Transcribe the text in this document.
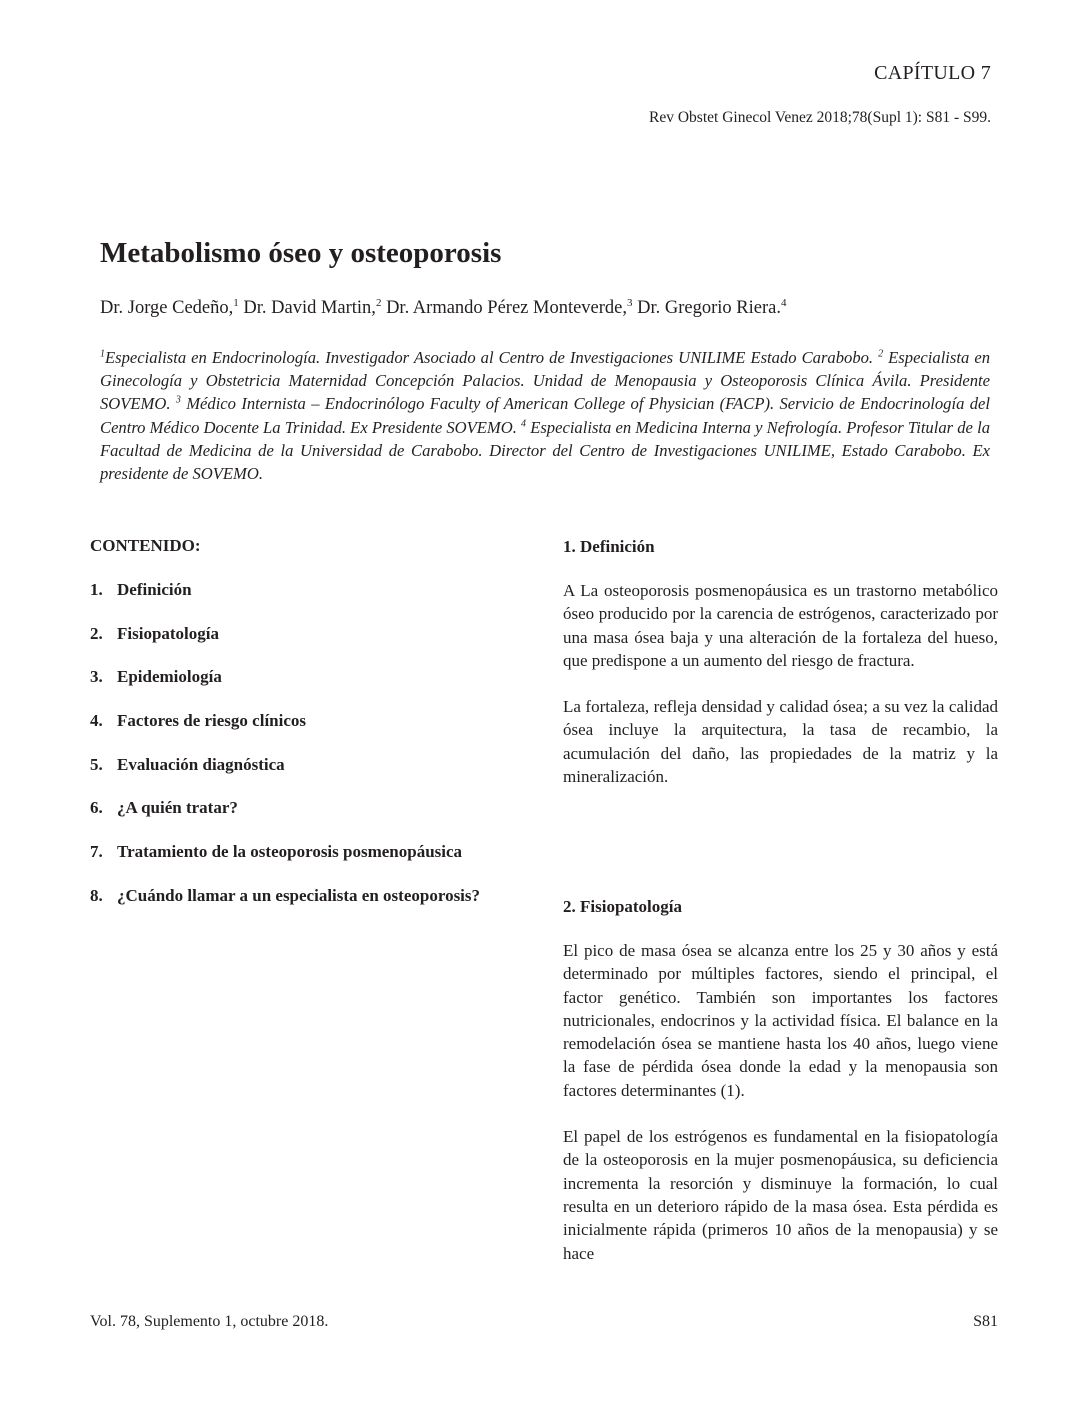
CAPÍTULO 7
Rev Obstet Ginecol Venez 2018;78(Supl 1): S81 - S99.
Metabolismo óseo y osteoporosis
Dr. Jorge Cedeño,$^1$ Dr. David Martin,$^2$ Dr. Armando Pérez Monteverde,$^3$ Dr. Gregorio Riera.$^4$
$^1$Especialista en Endocrinología. Investigador Asociado al Centro de Investigaciones UNILIME Estado Carabobo. $^2$ Especialista en Ginecología y Obstetricia Maternidad Concepción Palacios. Unidad de Menopausia y Osteoporosis Clínica Ávila. Presidente SOVEMO. $^3$ Médico Internista – Endocrinólogo Faculty of American College of Physician (FACP). Servicio de Endocrinología del Centro Médico Docente La Trinidad. Ex Presidente SOVEMO. $^4$ Especialista en Medicina Interna y Nefrología. Profesor Titular de la Facultad de Medicina de la Universidad de Carabobo. Director del Centro de Investigaciones UNILIME, Estado Carabobo. Ex presidente de SOVEMO.
CONTENIDO:
1. Definición
2. Fisiopatología
3. Epidemiología
4. Factores de riesgo clínicos
5. Evaluación diagnóstica
6. ¿A quién tratar?
7. Tratamiento de la osteoporosis posmenopáusica
8. ¿Cuándo llamar a un especialista en osteoporosis?
1. Definición

A La osteoporosis posmenopáusica es un trastorno metabólico óseo producido por la carencia de estrógenos, caracterizado por una masa ósea baja y una alteración de la fortaleza del hueso, que predispone a un aumento del riesgo de fractura.

La fortaleza, refleja densidad y calidad ósea; a su vez la calidad ósea incluye la arquitectura, la tasa de recambio, la acumulación del daño, las propiedades de la matriz y la mineralización.

2. Fisiopatología

El pico de masa ósea se alcanza entre los 25 y 30 años y está determinado por múltiples factores, siendo el principal, el factor genético. También son importantes los factores nutricionales, endocrinos y la actividad física. El balance en la remodelación ósea se mantiene hasta los 40 años, luego viene la fase de pérdida ósea donde la edad y la menopausia son factores determinantes (1).

El papel de los estrógenos es fundamental en la fisiopatología de la osteoporosis en la mujer posmenopáusica, su deficiencia incrementa la resorción y disminuye la formación, lo cual resulta en un deterioro rápido de la masa ósea. Esta pérdida es inicialmente rápida (primeros 10 años de la menopausia) y se hace

Vol. 78, Suplemento 1, octubre 2018.	S81
